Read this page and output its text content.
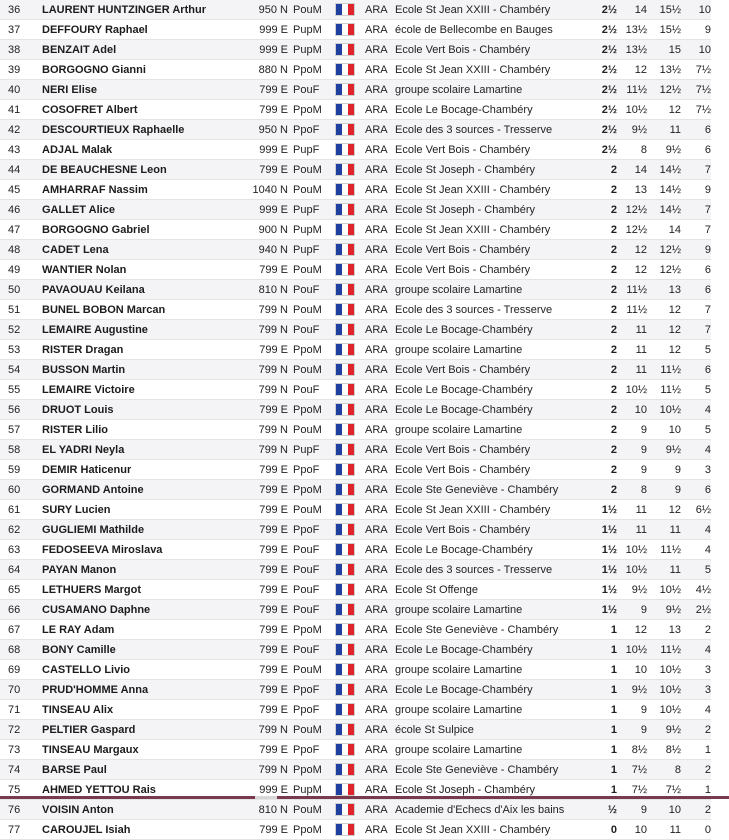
36	LAURENT HUNTZINGER Arthur	950 N	PouM		ARA	Ecole St Jean XXIII - Chambéry	2½	14	15½	10
37	DEFFOURY Raphael	999 E	PupM		ARA	école de Bellecombe en Bauges	2½	13½	15½	9
38	BENZAIT Adel	999 E	PupM		ARA	Ecole Vert Bois - Chambéry	2½	13½	15	10
39	BORGOGNO Gianni	880 N	PpoM		ARA	Ecole St Jean XXIII - Chambéry	2½	12	13½	7½
40	NERI Elise	799 E	PouF		ARA	groupe scolaire Lamartine	2½	11½	12½	7½
41	COSOFRET Albert	799 E	PpoM		ARA	Ecole Le Bocage-Chambéry	2½	10½	12	7½
42	DESCOURTIEUX Raphaelle	950 N	PpoF		ARA	Ecole des 3 sources - Tresserve	2½	9½	11	6
43	ADJAL Malak	999 E	PupF		ARA	Ecole Vert Bois - Chambéry	2½	8	9½	6
44	DE BEAUCHESNE Leon	799 E	PouM		ARA	Ecole St Joseph - Chambéry	2	14	14½	7
45	AMHARRAF Nassim	1040 N	PouM		ARA	Ecole St Jean XXIII - Chambéry	2	13	14½	9
46	GALLET Alice	999 E	PupF		ARA	Ecole St Joseph - Chambéry	2	12½	14½	7
47	BORGOGNO Gabriel	900 N	PupM		ARA	Ecole St Jean XXIII - Chambéry	2	12½	14	7
48	CADET Lena	940 N	PupF		ARA	Ecole Vert Bois - Chambéry	2	12	12½	9
49	WANTIER Nolan	799 E	PouM		ARA	Ecole Vert Bois - Chambéry	2	12	12½	6
50	PAVAOUAU Keilana	810 N	PouF		ARA	groupe scolaire Lamartine	2	11½	13	6
51	BUNEL BOBON Marcan	799 N	PouM		ARA	Ecole des 3 sources - Tresserve	2	11½	12	7
52	LEMAIRE Augustine	799 N	PouF		ARA	Ecole Le Bocage-Chambéry	2	11	12	7
53	RISTER Dragan	799 E	PpoM		ARA	groupe scolaire Lamartine	2	11	12	5
54	BUSSON Martin	799 N	PouM		ARA	Ecole Vert Bois - Chambéry	2	11	11½	6
55	LEMAIRE Victoire	799 N	PouF		ARA	Ecole Le Bocage-Chambéry	2	10½	11½	5
56	DRUOT Louis	799 E	PpoM		ARA	Ecole Le Bocage-Chambéry	2	10	10½	4
57	RISTER Lilio	799 N	PouM		ARA	groupe scolaire Lamartine	2	9	10	5
58	EL YADRI Neyla	799 N	PupF		ARA	Ecole Vert Bois - Chambéry	2	9	9½	4
59	DEMIR Haticenur	799 E	PpoF		ARA	Ecole Vert Bois - Chambéry	2	9	9	3
60	GORMAND Antoine	799 E	PpoM		ARA	Ecole Ste Geneviève - Chambéry	2	8	9	6
61	SURY Lucien	799 E	PouM		ARA	Ecole St Jean XXIII - Chambéry	1½	11	12	6½
62	GUGLIEMI Mathilde	799 E	PpoF		ARA	Ecole Vert Bois - Chambéry	1½	11	11	4
63	FEDOSEEVA Miroslava	799 E	PouF		ARA	Ecole Le Bocage-Chambéry	1½	10½	11½	4
64	PAYAN Manon	799 E	PouF		ARA	Ecole des 3 sources - Tresserve	1½	10½	11	5
65	LETHUERS Margot	799 E	PouF		ARA	Ecole St Offenge	1½	9½	10½	4½
66	CUSAMANO Daphne	799 E	PouF		ARA	groupe scolaire Lamartine	1½	9	9½	2½
67	LE RAY Adam	799 E	PpoM		ARA	Ecole Ste Geneviève - Chambéry	1	12	13	2
68	BONY Camille	799 E	PouF		ARA	Ecole Le Bocage-Chambéry	1	10½	11½	4
69	CASTELLO Livio	799 E	PouM		ARA	groupe scolaire Lamartine	1	10	10½	3
70	PRUD'HOMME Anna	799 E	PpoF		ARA	Ecole Le Bocage-Chambéry	1	9½	10½	3
71	TINSEAU Alix	799 E	PpoF		ARA	groupe scolaire Lamartine	1	9	10½	4
72	PELTIER Gaspard	799 N	PouM		ARA	école St Sulpice	1	9	9½	2
73	TINSEAU Margaux	799 E	PpoF		ARA	groupe scolaire Lamartine	1	8½	8½	1
74	BARSE Paul	799 N	PpoM		ARA	Ecole Ste Geneviève - Chambéry	1	7½	8	2
75	AHMED YETTOU Rais	999 E	PupM		ARA	Ecole St Joseph - Chambéry	1	7½	7½	1
76	VOISIN Anton	810 N	PouM		ARA	Academie d'Echecs d'Aix les bains	½	9	10	2
77	CAROUJEL Isiah	799 E	PpoM		ARA	Ecole St Jean XXIII - Chambéry	0	10	11	0
